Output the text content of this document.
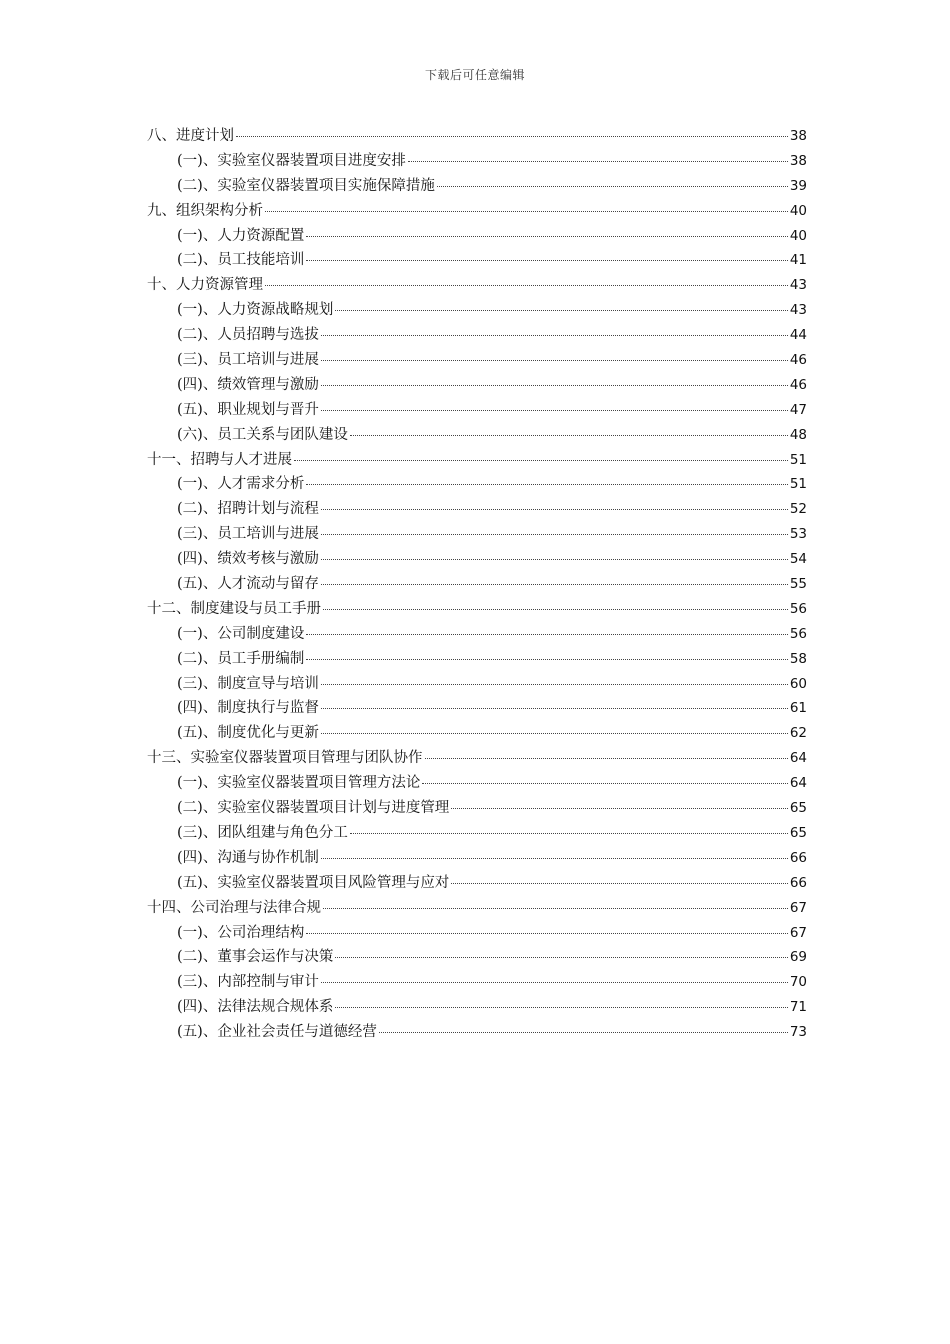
下载后可任意编辑
八、进度计划	38
(一)、实验室仪器装置项目进度安排	38
(二)、实验室仪器装置项目实施保障措施	39
九、组织架构分析	40
(一)、人力资源配置	40
(二)、员工技能培训	41
十、人力资源管理	43
(一)、人力资源战略规划	43
(二)、人员招聘与选拔	44
(三)、员工培训与进展	46
(四)、绩效管理与激励	46
(五)、职业规划与晋升	47
(六)、员工关系与团队建设	48
十一、招聘与人才进展	51
(一)、人才需求分析	51
(二)、招聘计划与流程	52
(三)、员工培训与进展	53
(四)、绩效考核与激励	54
(五)、人才流动与留存	55
十二、制度建设与员工手册	56
(一)、公司制度建设	56
(二)、员工手册编制	58
(三)、制度宣导与培训	60
(四)、制度执行与监督	61
(五)、制度优化与更新	62
十三、实验室仪器装置项目管理与团队协作	64
(一)、实验室仪器装置项目管理方法论	64
(二)、实验室仪器装置项目计划与进度管理	65
(三)、团队组建与角色分工	65
(四)、沟通与协作机制	66
(五)、实验室仪器装置项目风险管理与应对	66
十四、公司治理与法律合规	67
(一)、公司治理结构	67
(二)、董事会运作与决策	69
(三)、内部控制与审计	70
(四)、法律法规合规体系	71
(五)、企业社会责任与道德经营	73
